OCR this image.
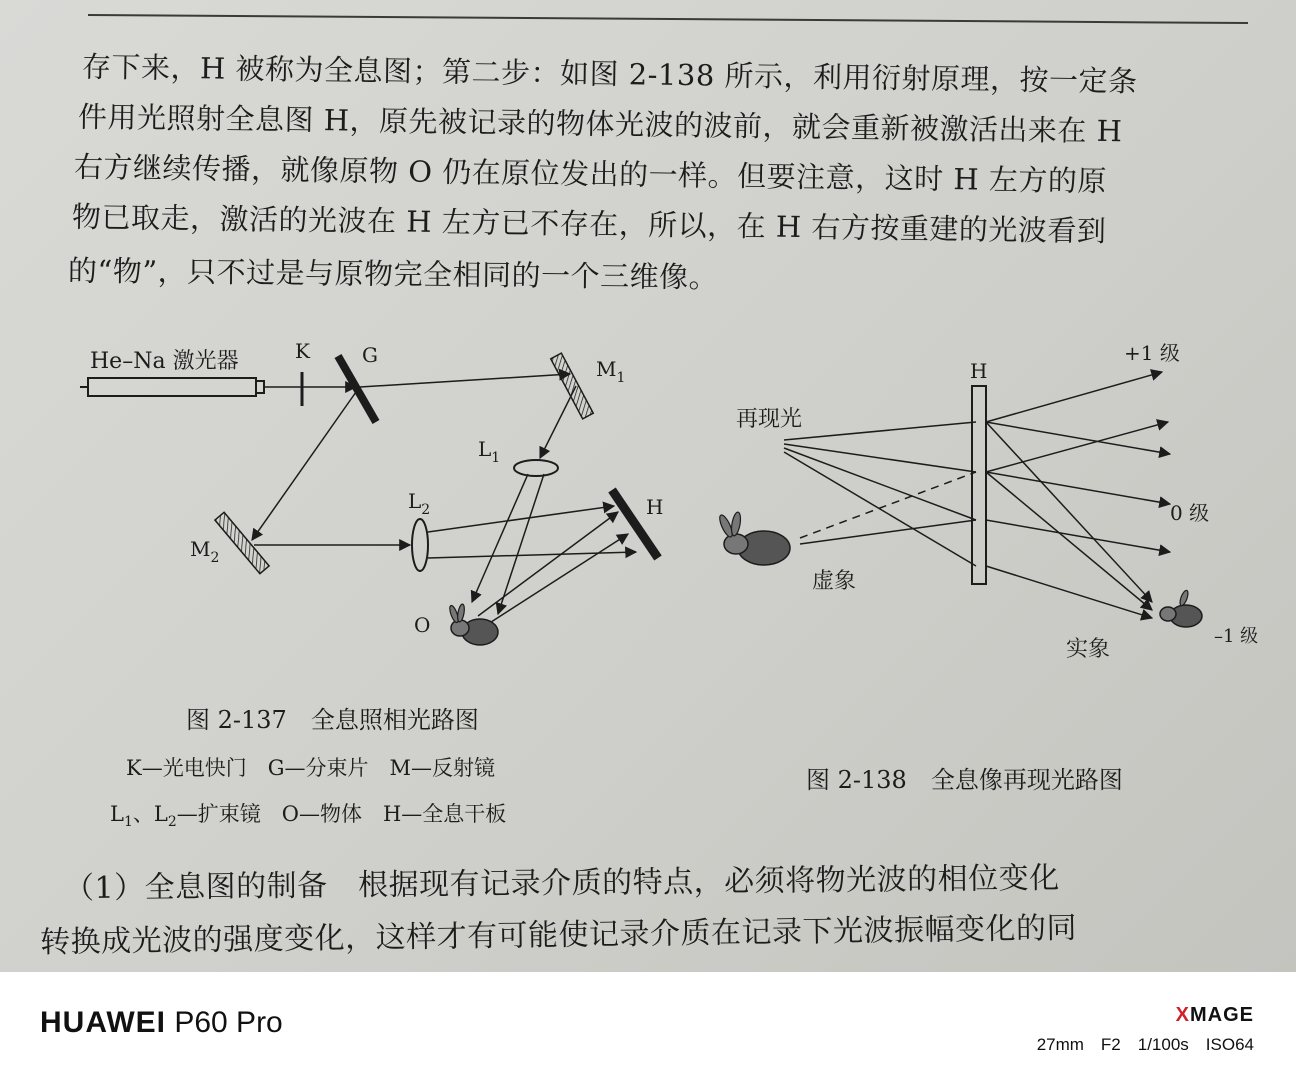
存下来，H 被称为全息图；第二步：如图 2-138 所示，利用衍射原理，按一定条
件用光照射全息图 H，原先被记录的物体光波的波前，就会重新被激活出来在 H
右方继续传播，就像原物 O 仍在原位发出的一样。但要注意，这时 H 左方的原
物已取走，激活的光波在 H 左方已不存在，所以，在 H 右方按重建的光波看到
的“物”，只不过是与原物完全相同的一个三维像。
He–Na 激光器	K	G
$M_1$
$L_1$
$M_2$
$L_2$	H
O
图 2-137　全息照相光路图
K—光电快门　G—分束片　M—反射镜
$L_1$、$L_2—$扩束镜　O—物体　H—全息干板
再现光
H
虚象
+1 级
0 级
–1 级
实象
图 2-138　全息像再现光路图
（1）全息图的制备　根据现有记录介质的特点，必须将物光波的相位变化
转换成光波的强度变化，这样才有可能使记录介质在记录下光波振幅变化的同
HUAWEI P60 Pro	XMAGE
27mm　F2　1/100s　ISO64
